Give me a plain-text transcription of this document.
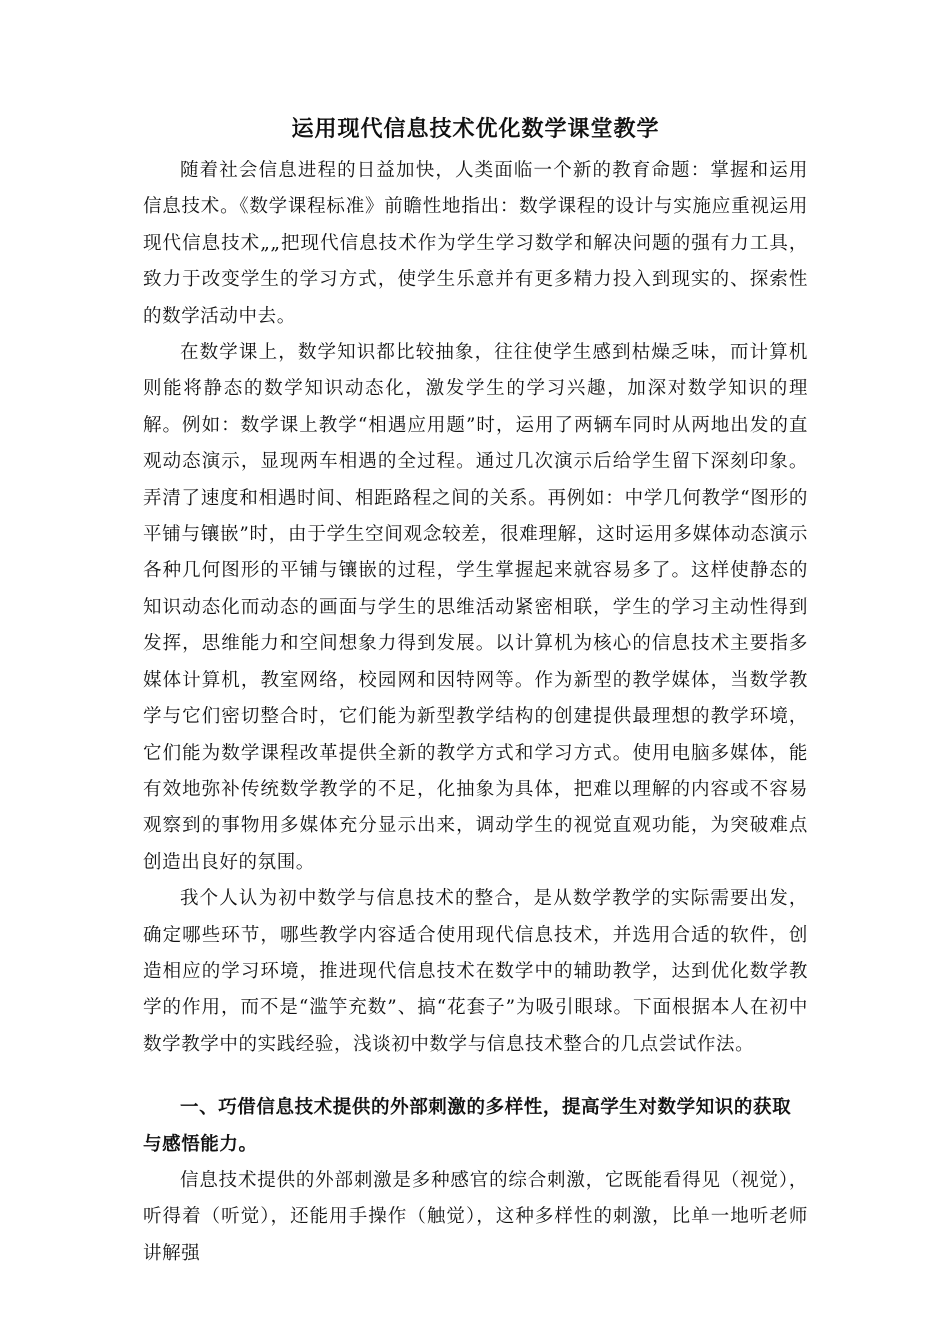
运用现代信息技术优化数学课堂教学

随着社会信息进程的日益加快，人类面临一个新的教育命题：掌握和运用信息技术。《数学课程标准》前瞻性地指出：数学课程的设计与实施应重视运用现代信息技术„„把现代信息技术作为学生学习数学和解决问题的强有力工具，致力于改变学生的学习方式，使学生乐意并有更多精力投入到现实的、探索性的数学活动中去。

在数学课上，数学知识都比较抽象，往往使学生感到枯燥乏味，而计算机则能将静态的数学知识动态化，激发学生的学习兴趣，加深对数学知识的理解。例如：数学课上教学“相遇应用题”时，运用了两辆车同时从两地出发的直观动态演示，显现两车相遇的全过程。通过几次演示后给学生留下深刻印象。弄清了速度和相遇时间、相距路程之间的关系。再例如：中学几何教学“图形的平铺与镶嵌”时，由于学生空间观念较差，很难理解，这时运用多媒体动态演示各种几何图形的平铺与镶嵌的过程，学生掌握起来就容易多了。这样使静态的知识动态化而动态的画面与学生的思维活动紧密相联，学生的学习主动性得到发挥，思维能力和空间想象力得到发展。以计算机为核心的信息技术主要指多媒体计算机，教室网络，校园网和因特网等。作为新型的教学媒体，当数学教学与它们密切整合时，它们能为新型教学结构的创建提供最理想的教学环境，它们能为数学课程改革提供全新的教学方式和学习方式。使用电脑多媒体，能有效地弥补传统数学教学的不足，化抽象为具体，把难以理解的内容或不容易观察到的事物用多媒体充分显示出来，调动学生的视觉直观功能，为突破难点创造出良好的氛围。

我个人认为初中数学与信息技术的整合，是从数学教学的实际需要出发，确定哪些环节，哪些教学内容适合使用现代信息技术，并选用合适的软件，创造相应的学习环境，推进现代信息技术在数学中的辅助教学，达到优化数学教学的作用，而不是“滥竽充数”、搞“花套子”为吸引眼球。下面根据本人在初中数学教学中的实践经验，浅谈初中数学与信息技术整合的几点尝试作法。

一、巧借信息技术提供的外部刺激的多样性，提高学生对数学知识的获取与感悟能力。

信息技术提供的外部刺激是多种感官的综合刺激，它既能看得见（视觉），听得着（听觉），还能用手操作（触觉），这种多样性的刺激，比单一地听老师讲解强
